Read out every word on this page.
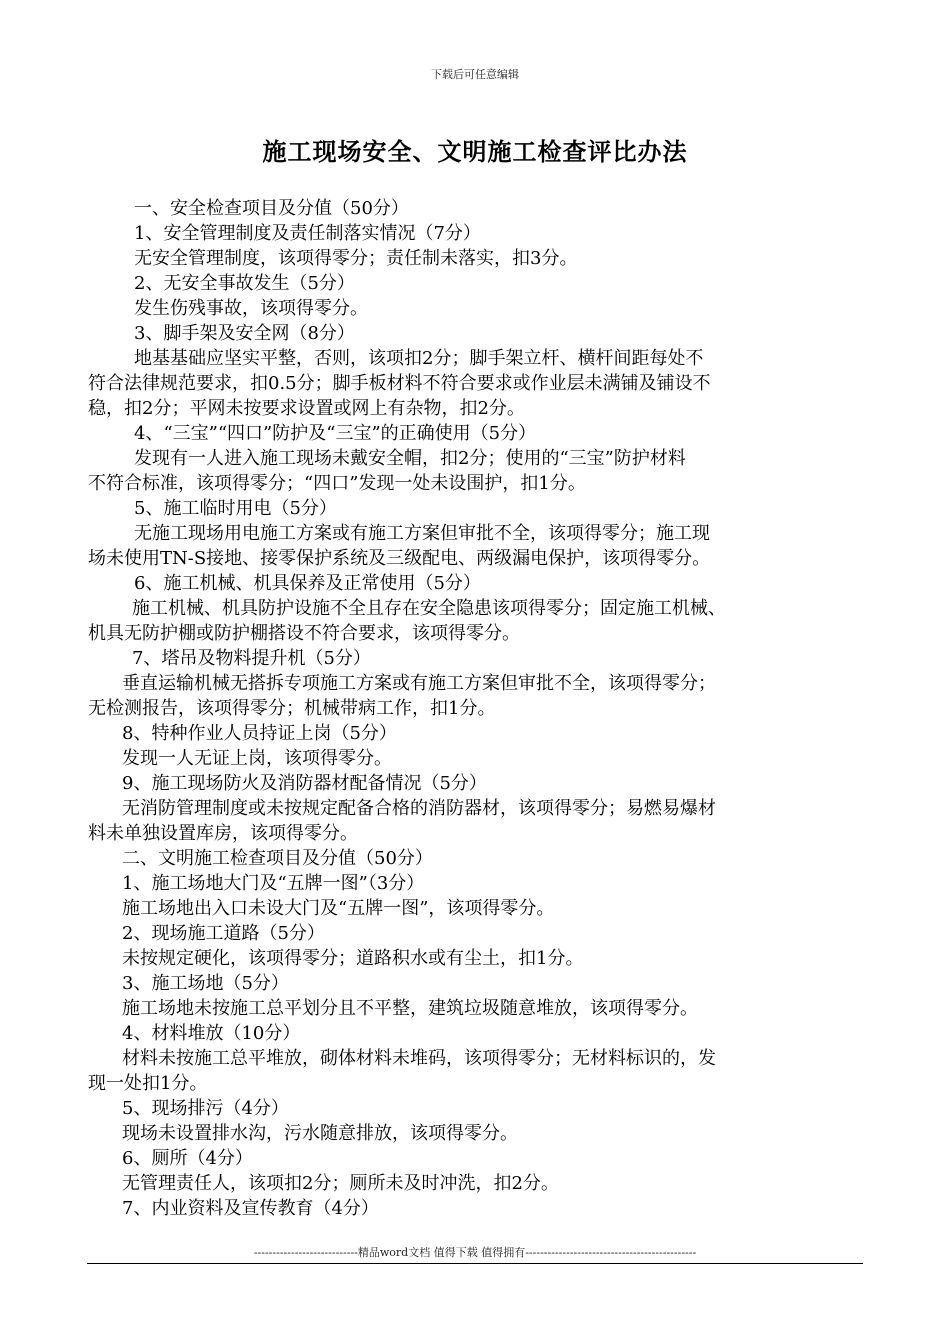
下载后可任意编辑
施工现场安全、文明施工检查评比办法

一、安全检查项目及分值（50分）

1、安全管理制度及责任制落实情况（7分）

无安全管理制度，该项得零分；责任制未落实，扣3分。

2、无安全事故发生（5分）

发生伤残事故，该项得零分。

3、脚手架及安全网（8分）

地基基础应坚实平整，否则，该项扣2分；脚手架立杆、横杆间距每处不

符合法律规范要求，扣0.5分；脚手板材料不符合要求或作业层未满铺及铺设不

稳，扣2分；平网未按要求设置或网上有杂物，扣2分。

4、“三宝”“四口”防护及“三宝”的正确使用（5分）

发现有一人进入施工现场未戴安全帽，扣2分；使用的“三宝”防护材料

不符合标准，该项得零分；“四口”发现一处未设围护，扣1分。

5、施工临时用电（5分）

无施工现场用电施工方案或有施工方案但审批不全，该项得零分；施工现

场未使用TN-S接地、接零保护系统及三级配电、两级漏电保护，该项得零分。

6、施工机械、机具保养及正常使用（5分）

施工机械、机具防护设施不全且存在安全隐患该项得零分；固定施工机械、

机具无防护棚或防护棚搭设不符合要求，该项得零分。

7、塔吊及物料提升机（5分）

垂直运输机械无搭拆专项施工方案或有施工方案但审批不全，该项得零分；

无检测报告，该项得零分；机械带病工作，扣1分。

8、特种作业人员持证上岗（5分）

发现一人无证上岗，该项得零分。

9、施工现场防火及消防器材配备情况（5分）

无消防管理制度或未按规定配备合格的消防器材，该项得零分；易燃易爆材

料未单独设置库房，该项得零分。

二、文明施工检查项目及分值（50分）

1、施工场地大门及“五牌一图”（3分）

施工场地出入口未设大门及“五牌一图”，该项得零分。

2、现场施工道路（5分）

未按规定硬化，该项得零分；道路积水或有尘土，扣1分。

3、施工场地（5分）

施工场地未按施工总平划分且不平整，建筑垃圾随意堆放，该项得零分。

4、材料堆放（10分）

材料未按施工总平堆放，砌体材料未堆码，该项得零分；无材料标识的，发

现一处扣1分。

5、现场排污（4分）

现场未设置排水沟，污水随意排放，该项得零分。

6、厕所（4分）

无管理责任人，该项扣2分；厕所未及时冲洗，扣2分。

7、内业资料及宣传教育（4分）

----------------------------精品word文档 值得下载 值得拥有----------------------------------------------
